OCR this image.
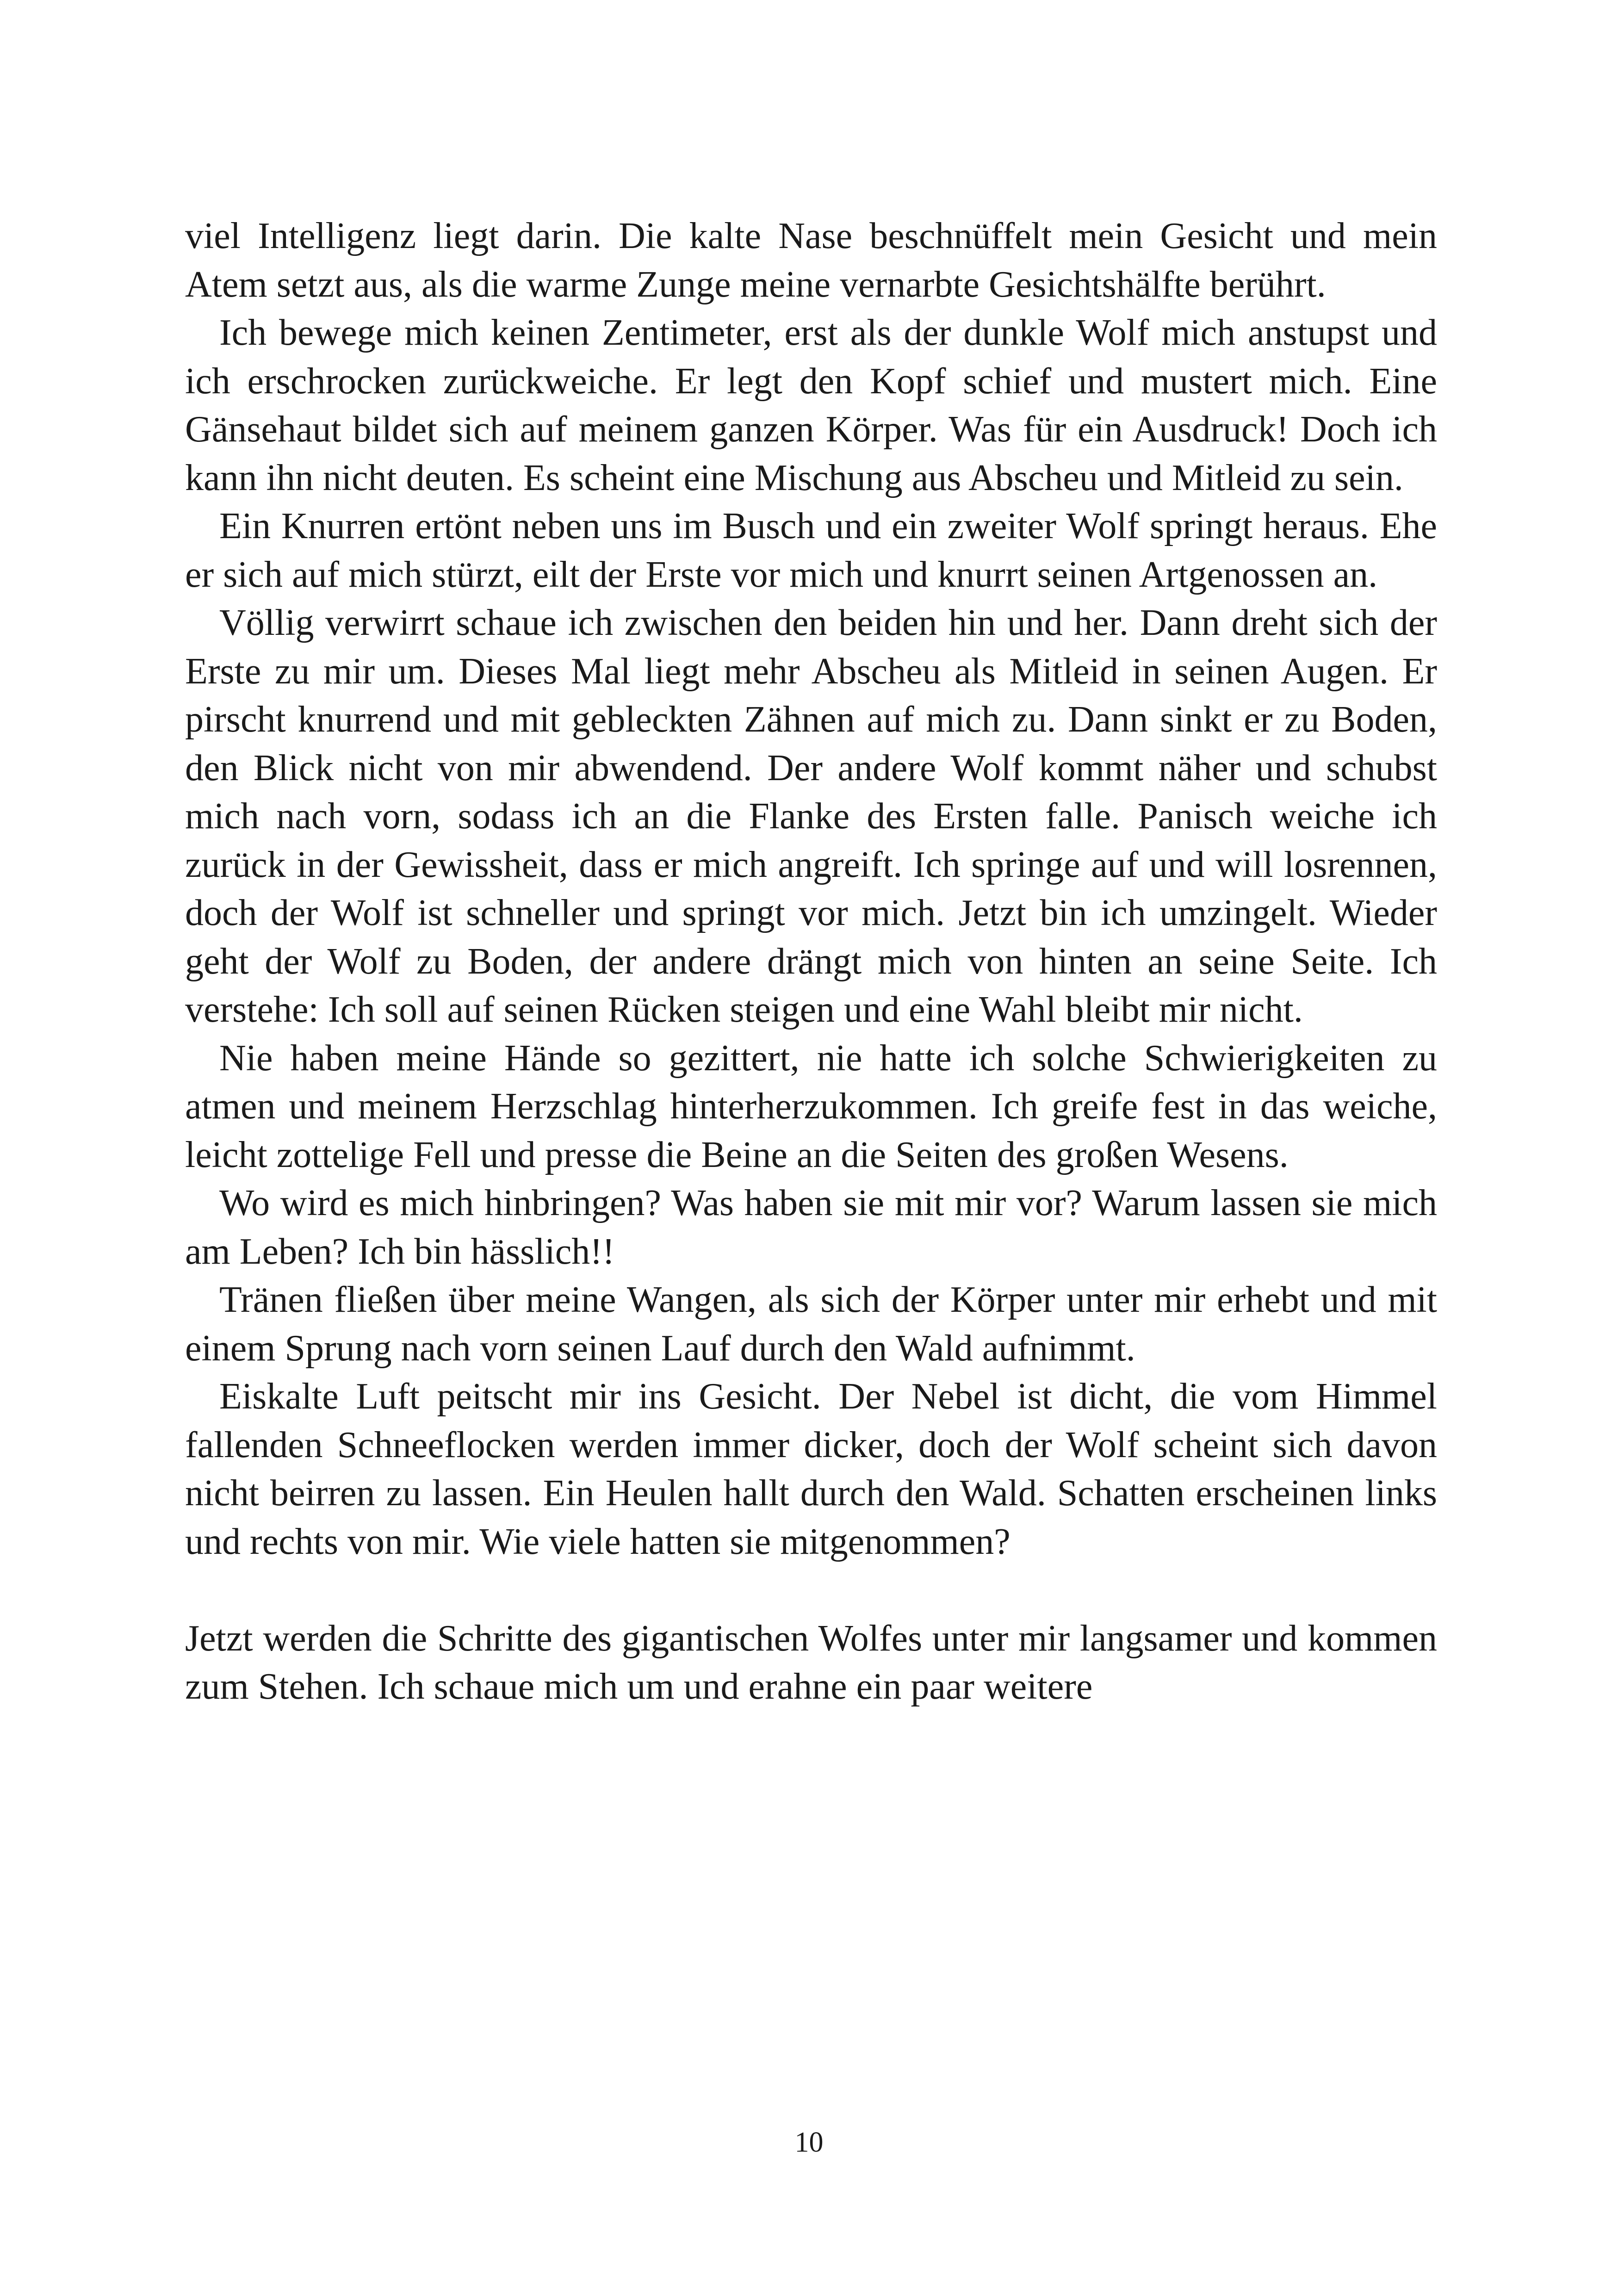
viel Intelligenz liegt darin. Die kalte Nase beschnüffelt mein Gesicht und mein Atem setzt aus, als die warme Zunge meine vernarbte Gesichtshälfte berührt.

Ich bewege mich keinen Zentimeter, erst als der dunkle Wolf mich anstupst und ich erschrocken zurückweiche. Er legt den Kopf schief und mustert mich. Eine Gänsehaut bildet sich auf meinem ganzen Körper. Was für ein Ausdruck! Doch ich kann ihn nicht deuten. Es scheint eine Mischung aus Abscheu und Mitleid zu sein.

Ein Knurren ertönt neben uns im Busch und ein zweiter Wolf springt heraus. Ehe er sich auf mich stürzt, eilt der Erste vor mich und knurrt seinen Artgenossen an.

Völlig verwirrt schaue ich zwischen den beiden hin und her. Dann dreht sich der Erste zu mir um. Dieses Mal liegt mehr Abscheu als Mitleid in seinen Augen. Er pirscht knurrend und mit gebleckten Zähnen auf mich zu. Dann sinkt er zu Boden, den Blick nicht von mir abwendend. Der andere Wolf kommt näher und schubst mich nach vorn, sodass ich an die Flanke des Ersten falle. Panisch weiche ich zurück in der Gewissheit, dass er mich angreift. Ich springe auf und will losrennen, doch der Wolf ist schneller und springt vor mich. Jetzt bin ich umzingelt. Wieder geht der Wolf zu Boden, der andere drängt mich von hinten an seine Seite. Ich verstehe: Ich soll auf seinen Rücken steigen und eine Wahl bleibt mir nicht.

Nie haben meine Hände so gezittert, nie hatte ich solche Schwierigkeiten zu atmen und meinem Herzschlag hinterherzukommen. Ich greife fest in das weiche, leicht zottelige Fell und presse die Beine an die Seiten des großen Wesens.

Wo wird es mich hinbringen? Was haben sie mit mir vor? Warum lassen sie mich am Leben? Ich bin hässlich!!

Tränen fließen über meine Wangen, als sich der Körper unter mir erhebt und mit einem Sprung nach vorn seinen Lauf durch den Wald aufnimmt.

Eiskalte Luft peitscht mir ins Gesicht. Der Nebel ist dicht, die vom Himmel fallenden Schneeflocken werden immer dicker, doch der Wolf scheint sich davon nicht beirren zu lassen. Ein Heulen hallt durch den Wald. Schatten erscheinen links und rechts von mir. Wie viele hatten sie mitgenommen?

Jetzt werden die Schritte des gigantischen Wolfes unter mir langsamer und kommen zum Stehen. Ich schaue mich um und erahne ein paar weitere

10
